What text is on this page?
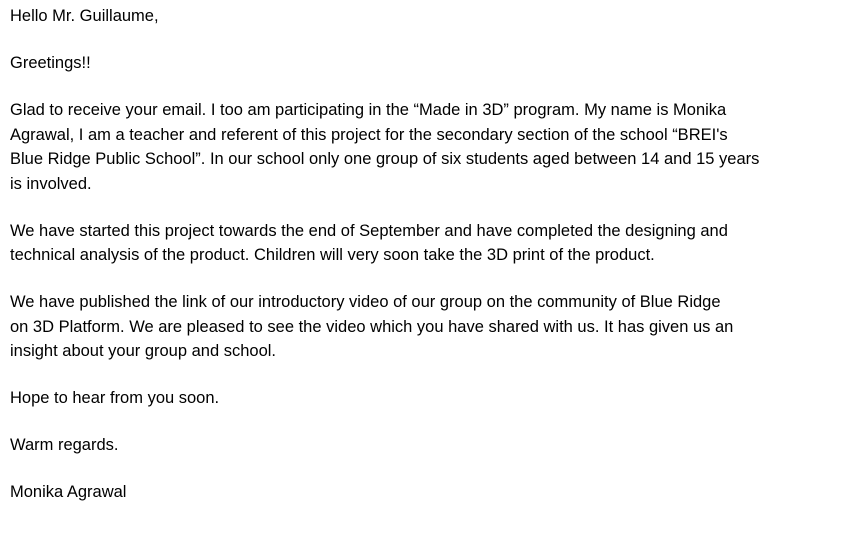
Hello Mr. Guillaume,

Greetings!!

Glad to receive your email. I too am participating in the “Made in 3D” program. My name is Monika
Agrawal, I am a teacher and referent of this project for the secondary section of the school “BREI's
Blue Ridge Public School”. In our school only one group of six students aged between 14 and 15 years
is involved.

We have started this project towards the end of September and have completed the designing and
technical analysis of the product. Children will very soon take the 3D print of the product.

We have published the link of our introductory video of our group on the community of Blue Ridge
on 3D Platform. We are pleased to see the video which you have shared with us. It has given us an
insight about your group and school.

Hope to hear from you soon.

Warm regards.

Monika Agrawal
